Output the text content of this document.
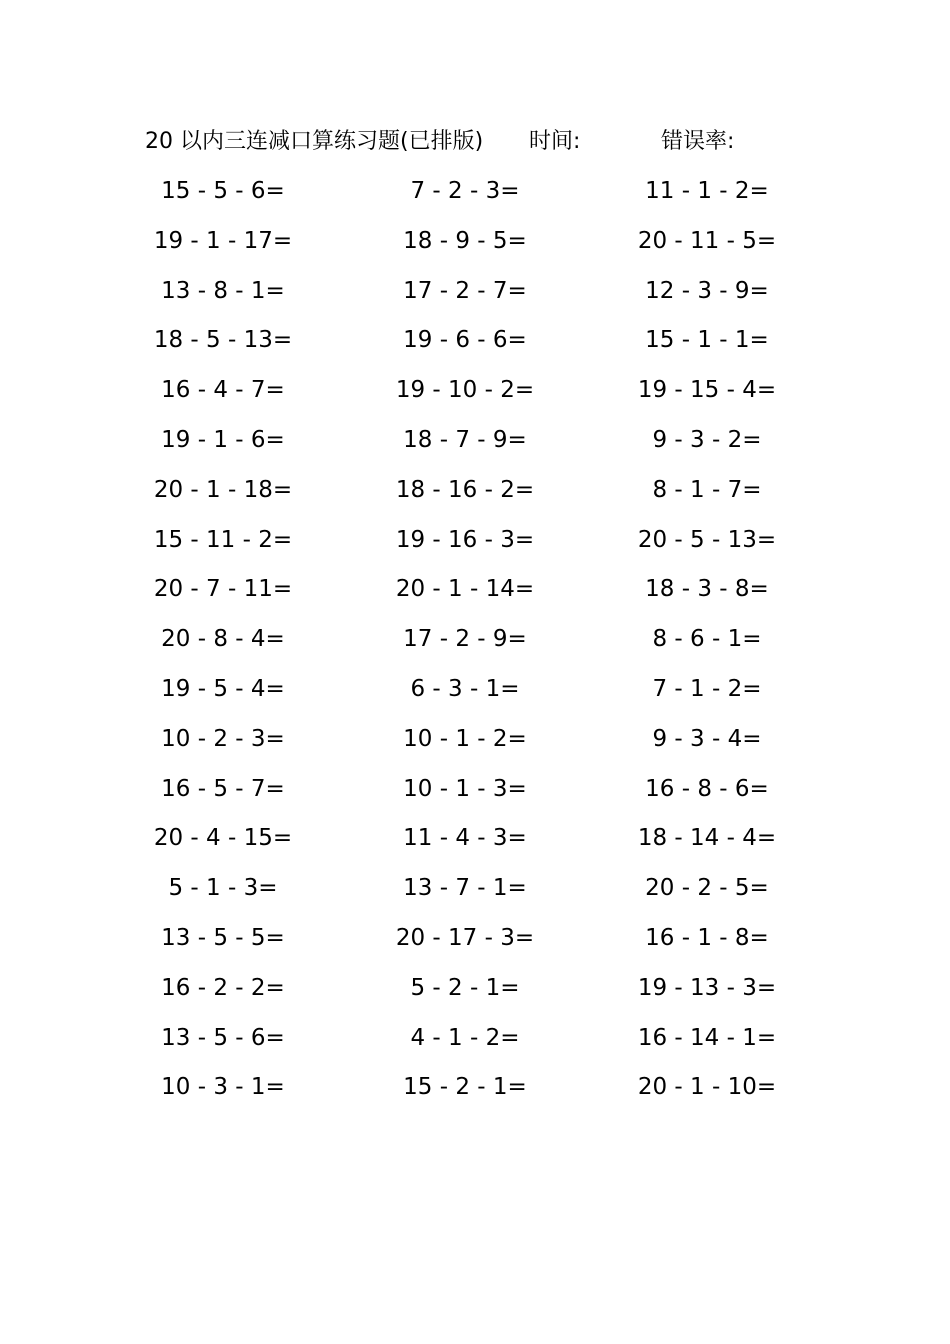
20 以内三连减口算练习题(已排版) 时间:	错误率:
15 - 5 - 6=	7 - 2 - 3=	11 - 1 - 2=
19 - 1 - 17=	18 - 9 - 5=	20 - 11 - 5=
13 - 8 - 1=	17 - 2 - 7=	12 - 3 - 9=
18 - 5 - 13=	19 - 6 - 6=	15 - 1 - 1=
16 - 4 - 7=	19 - 10 - 2=	19 - 15 - 4=
19 - 1 - 6=	18 - 7 - 9=	9 - 3 - 2=
20 - 1 - 18=	18 - 16 - 2=	8 - 1 - 7=
15 - 11 - 2=	19 - 16 - 3=	20 - 5 - 13=
20 - 7 - 11=	20 - 1 - 14=	18 - 3 - 8=
20 - 8 - 4=	17 - 2 - 9=	8 - 6 - 1=
19 - 5 - 4=	6 - 3 - 1=	7 - 1 - 2=
10 - 2 - 3=	10 - 1 - 2=	9 - 3 - 4=
16 - 5 - 7=	10 - 1 - 3=	16 - 8 - 6=
20 - 4 - 15=	11 - 4 - 3=	18 - 14 - 4=
5 - 1 - 3=	13 - 7 - 1=	20 - 2 - 5=
13 - 5 - 5=	20 - 17 - 3=	16 - 1 - 8=
16 - 2 - 2=	5 - 2 - 1=	19 - 13 - 3=
13 - 5 - 6=	4 - 1 - 2=	16 - 14 - 1=
10 - 3 - 1=	15 - 2 - 1=	20 - 1 - 10=
